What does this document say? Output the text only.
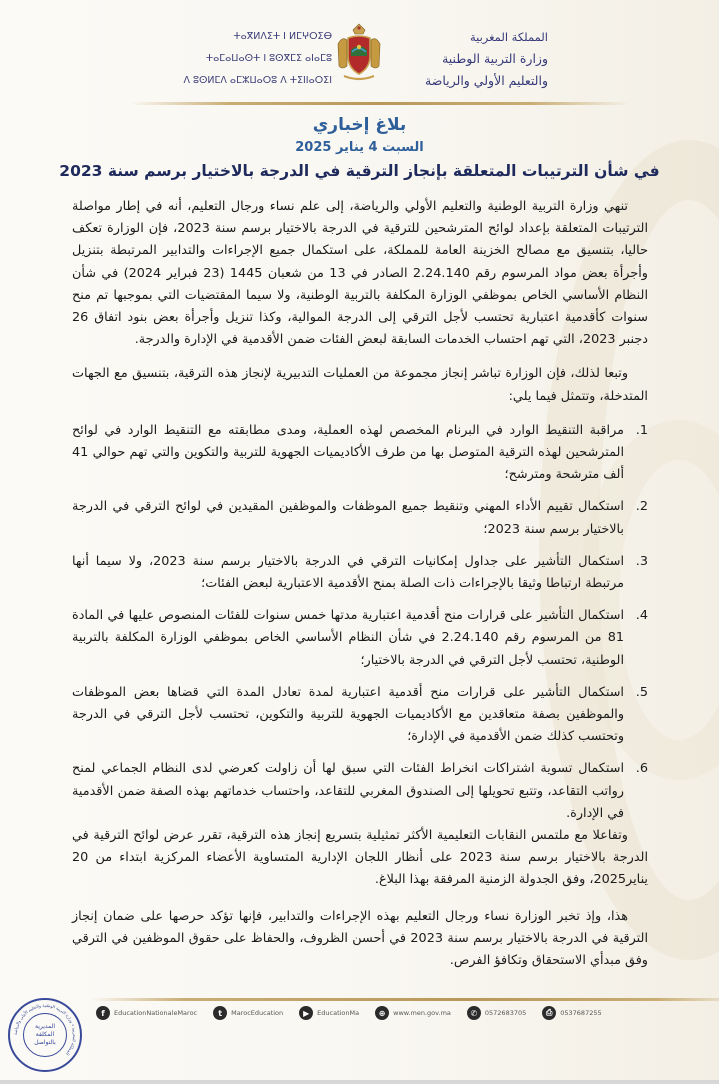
ⵜⴰⴳⵍⴷⵉⵜ ⵏ ⵍⵎⵖⵔⵉⴱ
ⵜⴰⵎⴰⵡⴰⵙⵜ ⵏ ⵓⵙⴳⵎⵉ ⴰⵏⴰⵎⵓ
ⴷ ⵓⵙⵍⵎⴷ ⴰⵎⵣⵡⴰⵔⵓ ⴷ ⵜⵉⵏⵏⴰⵔⵉⵏ
المملكة المغربية
وزارة التربية الوطنية
والتعليم الأولي والرياضة
بلاغ إخباري
السبت 4 يناير 2025
في شأن الترتيبات المتعلقة بإنجاز الترقية في الدرجة بالاختيار برسم سنة 2023

تنهي وزارة التربية الوطنية والتعليم الأولي والرياضة، إلى علم نساء ورجال التعليم، أنه في إطار مواصلة الترتيبات المتعلقة بإعداد لوائح المترشحين للترقية في الدرجة بالاختيار برسم سنة 2023، فإن الوزارة تعكف حاليا، بتنسيق مع مصالح الخزينة العامة للمملكة، على استكمال جميع الإجراءات والتدابير المرتبطة بتنزيل وأجرأة بعض مواد المرسوم رقم 2.24.140 الصادر في 13 من شعبان 1445 (23 فبراير 2024) في شأن النظام الأساسي الخاص بموظفي الوزارة المكلفة بالتربية الوطنية، ولا سيما المقتضيات التي بموجبها تم منح سنوات كأقدمية اعتبارية تحتسب لأجل الترقي إلى الدرجة الموالية، وكذا تنزيل وأجرأة بعض بنود اتفاق 26 دجنبر 2023، التي تهم احتساب الخدمات السابقة لبعض الفئات ضمن الأقدمية في الإدارة والدرجة.

وتبعا لذلك، فإن الوزارة تباشر إنجاز مجموعة من العمليات التدبيرية لإنجاز هذه الترقية، بتنسيق مع الجهات المتدخلة، وتتمثل فيما يلي:

1.
مراقبة التنقيط الوارد في البرنام المخصص لهذه العملية، ومدى مطابقته مع التنقيط الوارد في لوائح المترشحين لهذه الترقية المتوصل بها من طرف الأكاديميات الجهوية للتربية والتكوين والتي تهم حوالي 41 ألف مترشحة ومترشح؛
2.
استكمال تقييم الأداء المهني وتنقيط جميع الموظفات والموظفين المقيدين في لوائح الترقي في الدرجة بالاختيار برسم سنة 2023؛
3.
استكمال التأشير على جداول إمكانيات الترقي في الدرجة بالاختيار برسم سنة 2023، ولا سيما أنها مرتبطة ارتباطا وثيقا بالإجراءات ذات الصلة بمنح الأقدمية الاعتبارية لبعض الفئات؛
4.
استكمال التأشير على قرارات منح أقدمية اعتبارية مدتها خمس سنوات للفئات المنصوص عليها في المادة 81 من المرسوم رقم 2.24.140 في شأن النظام الأساسي الخاص بموظفي الوزارة المكلفة بالتربية الوطنية، تحتسب لأجل الترقي في الدرجة بالاختيار؛
5.
استكمال التأشير على قرارات منح أقدمية اعتبارية لمدة تعادل المدة التي قضاها بعض الموظفات والموظفين بصفة متعاقدين مع الأكاديميات الجهوية للتربية والتكوين، تحتسب لأجل الترقي في الدرجة وتحتسب كذلك ضمن الأقدمية في الإدارة؛
6.
استكمال تسوية اشتراكات انخراط الفئات التي سبق لها أن زاولت كعرضي لدى النظام الجماعي لمنح رواتب التقاعد، وتتبع تحويلها إلى الصندوق المغربي للتقاعد، واحتساب خدماتهم بهذه الصفة ضمن الأقدمية في الإدارة.

وتفاعلا مع ملتمس النقابات التعليمية الأكثر تمثيلية بتسريع إنجاز هذه الترقية، تقرر عرض لوائح الترقية في الدرجة بالاختيار برسم سنة 2023 على أنظار اللجان الإدارية المتساوية الأعضاء المركزية ابتداء من 20 يناير2025، وفق الجدولة الزمنية المرفقة بهذا البلاغ.

هذا، وإذ تخبر الوزارة نساء ورجال التعليم بهذه الإجراءات والتدابير، فإنها تؤكد حرصها على ضمان إنجاز الترقية في الدرجة بالاختيار برسم سنة 2023 في أحسن الظروف، والحفاظ على حقوق الموظفين في الترقي وفق مبدأي الاستحقاق وتكافؤ الفرص.

المملكة المغربية • وزارة التربية الوطنية والتعليم الأولي والرياضة
المديرية
المكلفة
بالتواصل
f	EducationNationaleMaroc	t	MarocEducation	▶	EducationMa	⊕	www.men.gov.ma	✆	0572683705	⎙	0537687255
